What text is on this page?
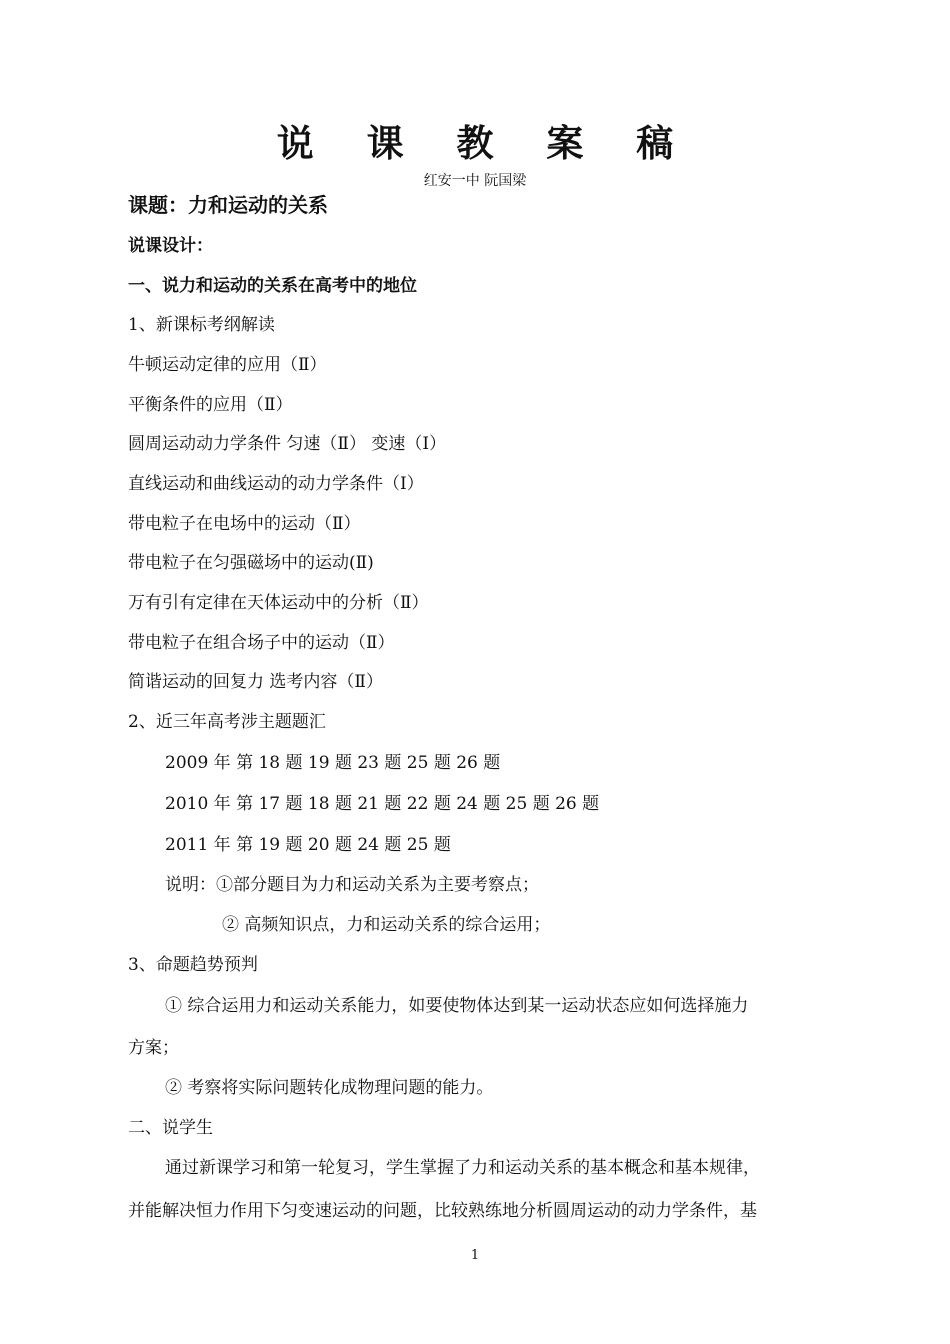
说 课 教 案 稿
红安一中 阮国梁
课题：力和运动的关系
说课设计：
一、说力和运动的关系在高考中的地位
1、新课标考纲解读
牛顿运动定律的应用（Ⅱ）
平衡条件的应用（Ⅱ）
圆周运动动力学条件 匀速（Ⅱ） 变速（Ⅰ）
直线运动和曲线运动的动力学条件（Ⅰ）
带电粒子在电场中的运动（Ⅱ）
带电粒子在匀强磁场中的运动(Ⅱ)
万有引有定律在天体运动中的分析（Ⅱ）
带电粒子在组合场子中的运动（Ⅱ）
简谐运动的回复力 选考内容（Ⅱ）
2、近三年高考涉主题题汇
2009 年 第 18 题 19 题 23 题 25 题 26 题
2010 年 第 17 题 18 题 21 题 22 题 24 题 25 题 26 题
2011 年 第 19 题 20 题 24 题 25 题
说明：①部分题目为力和运动关系为主要考察点；
② 高频知识点，力和运动关系的综合运用；
3、命题趋势预判
① 综合运用力和运动关系能力，如要使物体达到某一运动状态应如何选择施力
方案；
② 考察将实际问题转化成物理问题的能力。
二、说学生
通过新课学习和第一轮复习，学生掌握了力和运动关系的基本概念和基本规律，
并能解决恒力作用下匀变速运动的问题，比较熟练地分析圆周运动的动力学条件，基
1
